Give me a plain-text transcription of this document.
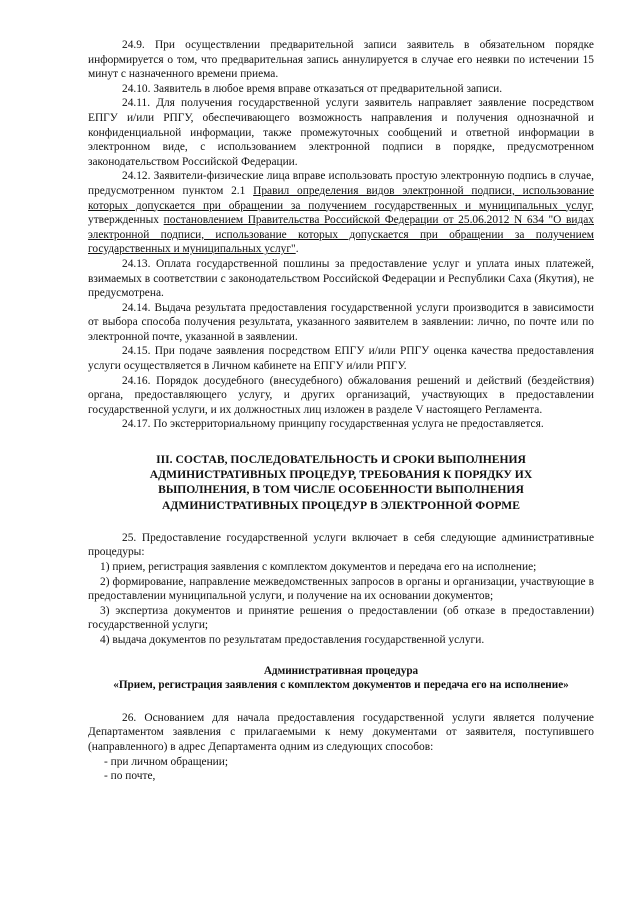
24.9. При осуществлении предварительной записи заявитель в обязательном порядке информируется о том, что предварительная запись аннулируется в случае его неявки по истечении 15 минут с назначенного времени приема.

24.10. Заявитель в любое время вправе отказаться от предварительной записи.

24.11. Для получения государственной услуги заявитель направляет заявление посредством ЕПГУ и/или РПГУ, обеспечивающего возможность направления и получения однозначной и конфиденциальной информации, также промежуточных сообщений и ответной информации в электронном виде, с использованием электронной подписи в порядке, предусмотренном законодательством Российской Федерации.

24.12. Заявители-физические лица вправе использовать простую электронную подпись в случае, предусмотренном пунктом 2.1 Правил определения видов электронной подписи, использование которых допускается при обращении за получением государственных и муниципальных услуг, утвержденных постановлением Правительства Российской Федерации от 25.06.2012 N 634 "О видах электронной подписи, использование которых допускается при обращении за получением государственных и муниципальных услуг".

24.13. Оплата государственной пошлины за предоставление услуг и уплата иных платежей, взимаемых в соответствии с законодательством Российской Федерации и Республики Саха (Якутия), не предусмотрена.

24.14. Выдача результата предоставления государственной услуги производится в зависимости от выбора способа получения результата, указанного заявителем в заявлении: лично, по почте или по электронной почте, указанной в заявлении.

24.15. При подаче заявления посредством ЕПГУ и/или РПГУ оценка качества предоставления услуги осуществляется в Личном кабинете на ЕПГУ и/или РПГУ.

24.16. Порядок досудебного (внесудебного) обжалования решений и действий (бездействия) органа, предоставляющего услугу, и других организаций, участвующих в предоставлении государственной услуги, и их должностных лиц изложен в разделе V настоящего Регламента.

24.17. По экстерриториальному принципу государственная услуга не предоставляется.

III. СОСТАВ, ПОСЛЕДОВАТЕЛЬНОСТЬ И СРОКИ ВЫПОЛНЕНИЯ АДМИНИСТРАТИВНЫХ ПРОЦЕДУР, ТРЕБОВАНИЯ К ПОРЯДКУ ИХ ВЫПОЛНЕНИЯ, В ТОМ ЧИСЛЕ ОСОБЕННОСТИ ВЫПОЛНЕНИЯ АДМИНИСТРАТИВНЫХ ПРОЦЕДУР В ЭЛЕКТРОННОЙ ФОРМЕ

25. Предоставление государственной услуги включает в себя следующие административные процедуры:

1) прием, регистрация заявления с комплектом документов и передача его на исполнение;

2) формирование, направление межведомственных запросов в органы и организации, участвующие в предоставлении муниципальной услуги, и получение на их основании документов;

3) экспертиза документов и принятие решения о предоставлении (об отказе в предоставлении) государственной услуги;

4) выдача документов по результатам предоставления государственной услуги.

Административная процедура
«Прием, регистрация заявления с комплектом документов и передача его на исполнение»

26. Основанием для начала предоставления государственной услуги является получение Департаментом заявления с прилагаемыми к нему документами от заявителя, поступившего (направленного) в адрес Департамента одним из следующих способов:

- при личном обращении;

- по почте,
